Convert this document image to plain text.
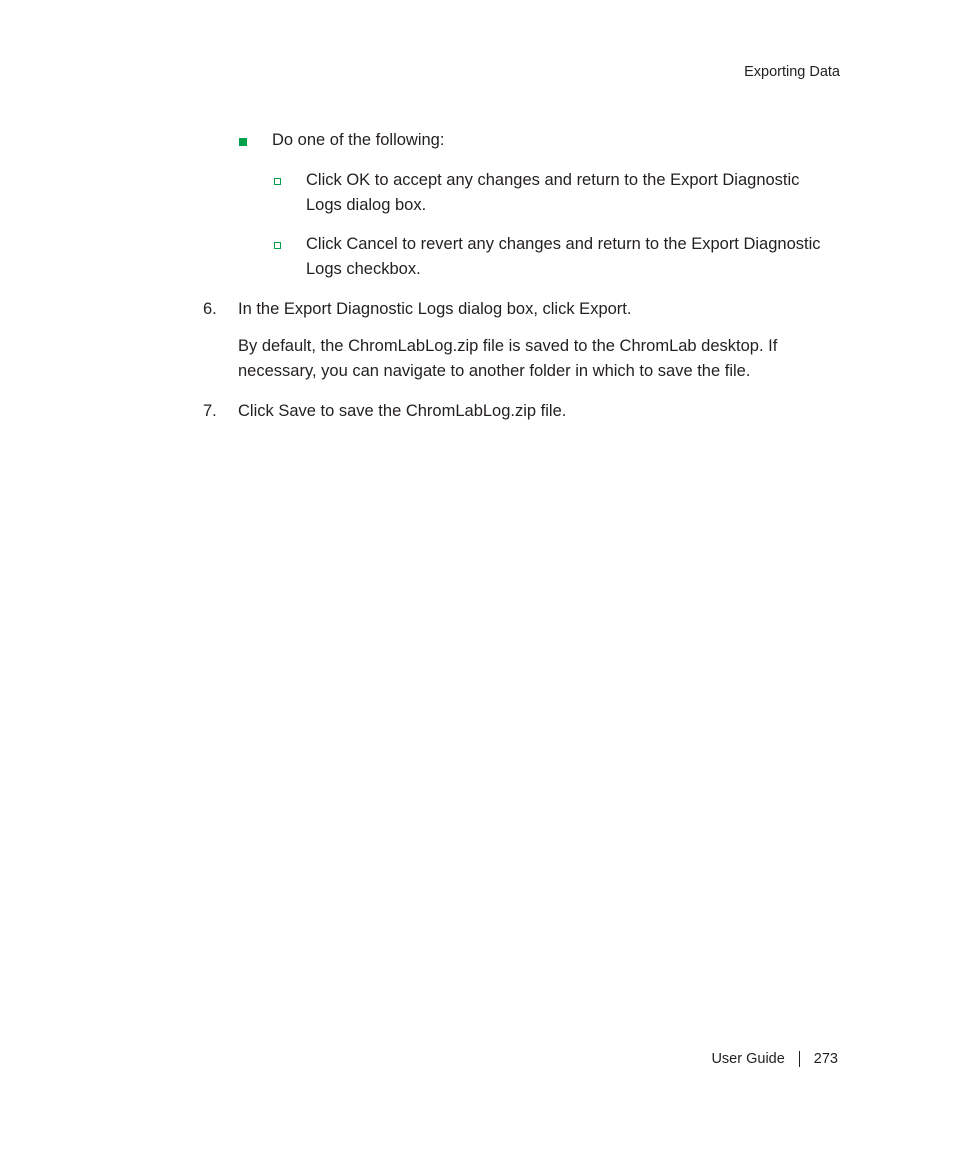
Exporting Data
Do one of the following:
Click OK to accept any changes and return to the Export Diagnostic
Logs dialog box.
Click Cancel to revert any changes and return to the Export Diagnostic
Logs checkbox.
6. In the Export Diagnostic Logs dialog box, click Export.
By default, the ChromLabLog.zip file is saved to the ChromLab desktop. If
necessary, you can navigate to another folder in which to save the file.
7. Click Save to save the ChromLabLog.zip file.
User Guide 273
